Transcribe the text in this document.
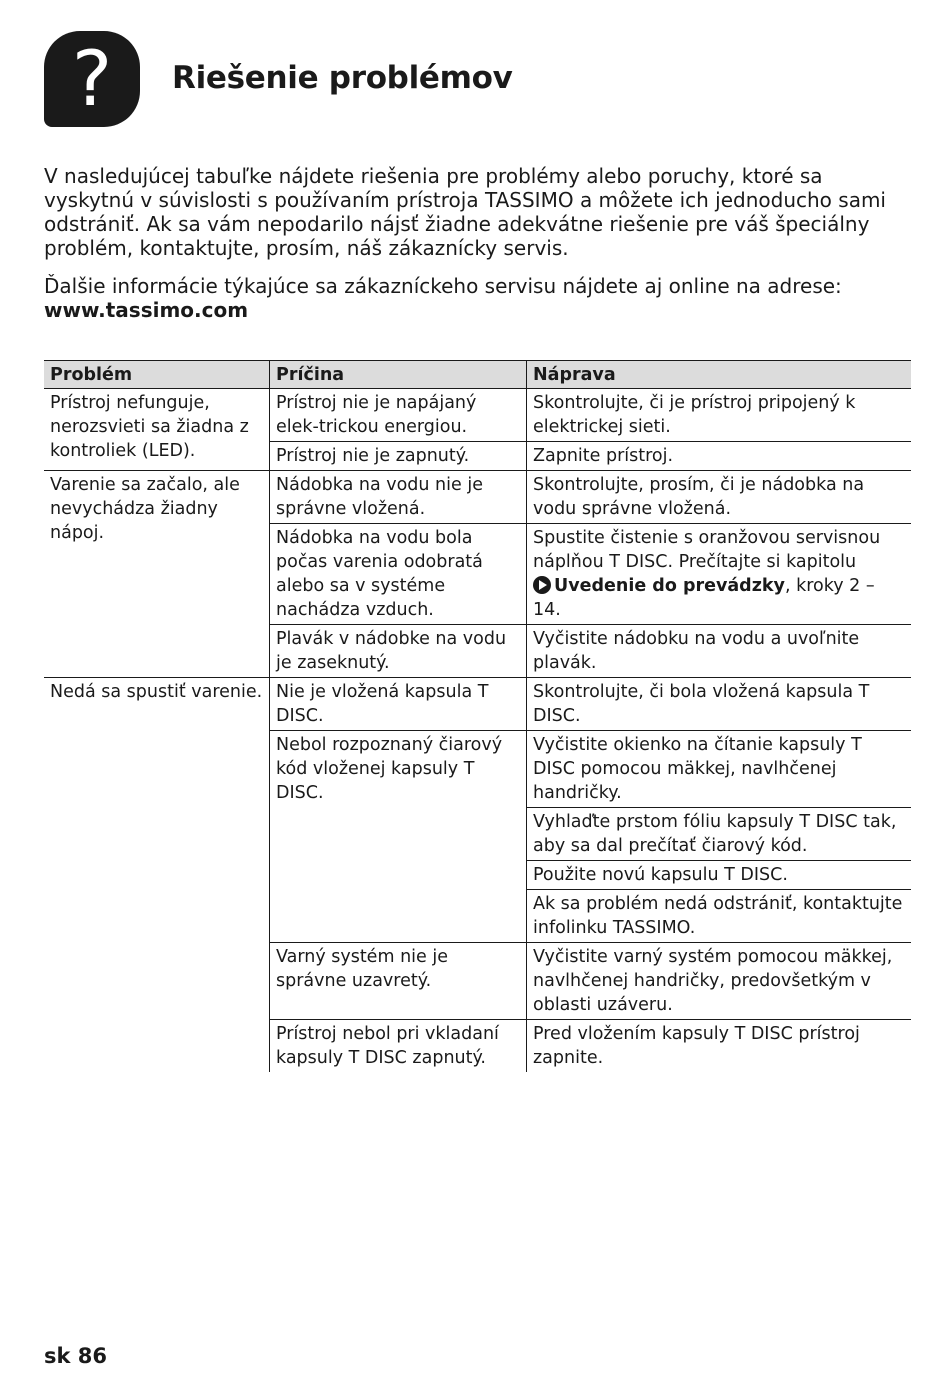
? Riešenie problémov

V nasledujúcej tabuľke nájdete riešenia pre problémy alebo poruchy, ktoré sa vyskytnú v súvislosti s používaním prístroja TASSIMO a môžete ich jednoducho sami odstrániť. Ak sa vám nepodarilo nájsť žiadne adekvátne riešenie pre váš špeciálny problém, kontaktujte, prosím, náš zákaznícky servis.

Ďalšie informácie týkajúce sa zákazníckeho servisu nájdete aj online na adrese:
www.tassimo.com

Problém	Príčina	Náprava
Prístroj nefunguje, nerozsvieti sa žiadna z kontroliek (LED).	Prístroj nie je napájaný elek-trickou energiou.	Skontrolujte, či je prístroj pripojený k elektrickej sieti.
	Prístroj nie je zapnutý.	Zapnite prístroj.
Varenie sa začalo, ale nevychádza žiadny nápoj.	Nádobka na vodu nie je správne vložená.	Skontrolujte, prosím, či je nádobka na vodu správne vložená.
	Nádobka na vodu bola počas varenia odobratá alebo sa v systéme nachádza vzduch.	Spustite čistenie s oranžovou servisnou náplňou T DISC. Prečítajte si kapitolu
Uvedenie do prevádzky, kroky 2 – 14.
	Plavák v nádobke na vodu je zaseknutý.	Vyčistite nádobku na vodu a uvoľnite plavák.
Nedá sa spustiť varenie.	Nie je vložená kapsula T DISC.	Skontrolujte, či bola vložená kapsula T DISC.
	Nebol rozpoznaný čiarový kód vloženej kapsuly T DISC.	Vyčistite okienko na čítanie kapsuly T DISC pomocou mäkkej, navlhčenej handričky.
		Vyhlaďte prstom fóliu kapsuly T DISC tak, aby sa dal prečítať čiarový kód.
		Použite novú kapsulu T DISC.
		Ak sa problém nedá odstrániť, kontaktujte infolinku TASSIMO.
	Varný systém nie je správne uzavretý.	Vyčistite varný systém pomocou mäkkej, navlhčenej handričky, predovšetkým v oblasti uzáveru.
	Prístroj nebol pri vkladaní kapsuly T DISC zapnutý.	Pred vložením kapsuly T DISC prístroj zapnite.
sk 86
